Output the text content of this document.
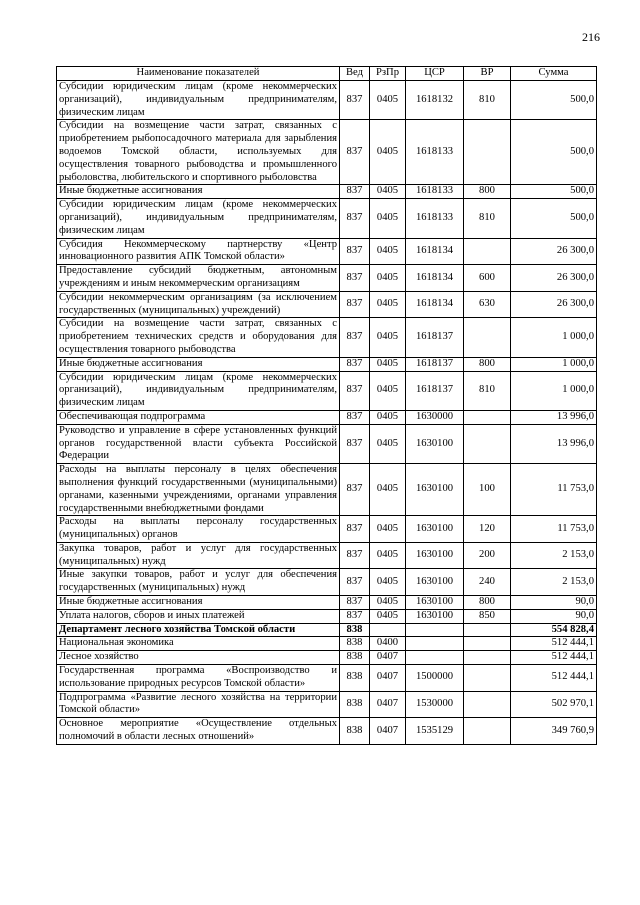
216
Наименование показателей	Вед	РзПр	ЦСР	ВР	Сумма
Субсидии юридическим лицам (кроме некоммерческих организаций), индивидуальным предпринимателям, физическим лицам	837	0405	1618132	810	500,0
Субсидии на возмещение части затрат, связанных с приобретением рыбопосадочного материала для зарыбления водоемов Томской области, используемых для осуществления товарного рыбоводства и промышленного рыболовства, любительского и спортивного рыболовства	837	0405	1618133		500,0
Иные бюджетные ассигнования	837	0405	1618133	800	500,0
Субсидии юридическим лицам (кроме некоммерческих организаций), индивидуальным предпринимателям, физическим лицам	837	0405	1618133	810	500,0
Субсидия Некоммерческому партнерству «Центр инновационного развития АПК Томской области»	837	0405	1618134		26 300,0
Предоставление субсидий бюджетным, автономным учреждениям и иным некоммерческим организациям	837	0405	1618134	600	26 300,0
Субсидии некоммерческим организациям (за исключением государственных (муниципальных) учреждений)	837	0405	1618134	630	26 300,0
Субсидии на возмещение части затрат, связанных с приобретением технических средств и оборудования для осуществления товарного рыбоводства	837	0405	1618137		1 000,0
Иные бюджетные ассигнования	837	0405	1618137	800	1 000,0
Субсидии юридическим лицам (кроме некоммерческих организаций), индивидуальным предпринимателям, физическим лицам	837	0405	1618137	810	1 000,0
Обеспечивающая подпрограмма	837	0405	1630000		13 996,0
Руководство и управление в сфере установленных функций органов государственной власти субъекта Российской Федерации	837	0405	1630100		13 996,0
Расходы на выплаты персоналу в целях обеспечения выполнения функций государственными (муниципальными) органами, казенными учреждениями, органами управления государственными внебюджетными фондами	837	0405	1630100	100	11 753,0
Расходы на выплаты персоналу государственных (муниципальных) органов	837	0405	1630100	120	11 753,0
Закупка товаров, работ и услуг для государственных (муниципальных) нужд	837	0405	1630100	200	2 153,0
Иные закупки товаров, работ и услуг для обеспечения государственных (муниципальных) нужд	837	0405	1630100	240	2 153,0
Иные бюджетные ассигнования	837	0405	1630100	800	90,0
Уплата налогов, сборов и иных платежей	837	0405	1630100	850	90,0
Департамент лесного хозяйства Томской области	838				554 828,4
Национальная экономика	838	0400			512 444,1
Лесное хозяйство	838	0407			512 444,1
Государственная программа «Воспроизводство и использование природных ресурсов Томской области»	838	0407	1500000		512 444,1
Подпрограмма «Развитие лесного хозяйства на территории Томской области»	838	0407	1530000		502 970,1
Основное мероприятие «Осуществление отдельных полномочий в области лесных отношений»	838	0407	1535129		349 760,9
